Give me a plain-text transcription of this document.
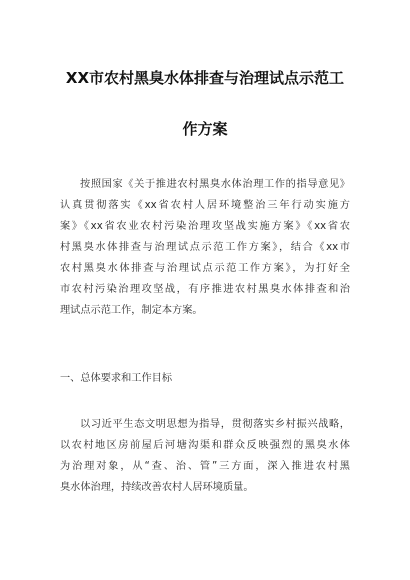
XX市农村黑臭水体排查与治理试点示范工
作方案
按照国家《关于推进农村黑臭水体治理工作的指导意见》
认真贯彻落实《xx省农村人居环境整治三年行动实施方
案》《xx省农业农村污染治理攻坚战实施方案》《xx省农
村黑臭水体排查与治理试点示范工作方案》，结合《xx市
农村黑臭水体排查与治理试点示范工作方案》，为打好全
市农村污染治理攻坚战，有序推进农村黑臭水体排查和治
理试点示范工作，制定本方案。
一、总体要求和工作目标
以习近平生态文明思想为指导，贯彻落实乡村振兴战略，
以农村地区房前屋后河塘沟渠和群众反映强烈的黑臭水体
为治理对象，从“查、治、管”三方面，深入推进农村黑
臭水体治理，持续改善农村人居环境质量。
